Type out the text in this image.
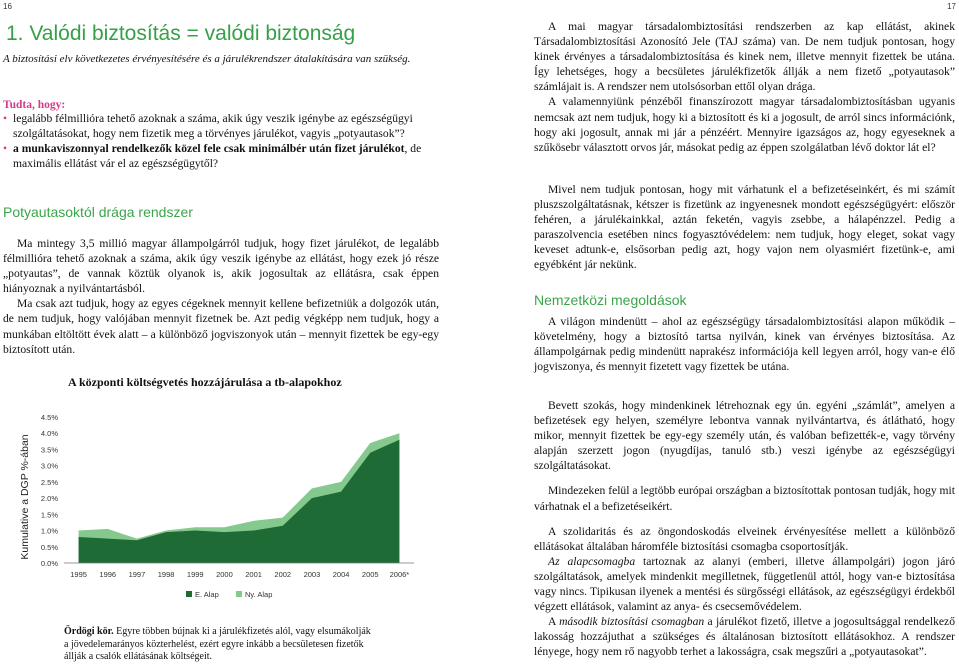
16	17
1. Valódi biztosítás = valódi biztonság
A biztosítási elv következetes érvényesítésére és a járulékrendszer átalakítására van szükség.
Tudta, hogy:

• legalább félmillióra tehető azoknak a száma, akik úgy veszik igénybe az egészségügyi szolgáltatásokat, hogy nem fizetik meg a törvényes járulékot, vagyis „potyautasok”?

• a munkaviszonnyal rendelkezők közel fele csak minimálbér után fizet járulékot, de maximális ellátást vár el az egészségügytől?

Potyautasoktól drága rendszer

Ma mintegy 3,5 millió magyar állampolgárról tudjuk, hogy fizet járulékot, de legalább félmillióra tehető azoknak a száma, akik úgy veszik igénybe az ellátást, hogy ezek jó része „potyautas”, de vannak köztük olyanok is, akik jogosultak az ellátásra, csak éppen hiányoznak a nyilvántartásból.

Ma csak azt tudjuk, hogy az egyes cégeknek mennyit kellene befizetniük a dolgozók után, de nem tudjuk, hogy valójában mennyit fizetnek be. Azt pedig végképp nem tudjuk, hogy a munkában eltöltött évek alatt – a különböző jogviszonyok után – mennyit fizettek be egy-egy biztosított után.

A központi költségvetés hozzájárulása a tb-alapokhoz
Kumulative a DGP %-ában
0.0%
0.5%
1.0%
1.5%
2.0%
2.5%
3.0%
3.5%
4.0%
4.5%
1995 1996 1997 1998 1999 2000 2001 2002 2003 2004 2005 2006*
E. Alap	Ny. Alap
Ördögi kör. Egyre többen bújnak ki a járulékfizetés alól, vagy elsumákolják a jövedelemarányos közterhelést, ezért egyre inkább a becsületesen fizetők állják a csalók ellátásának költségeit.

A mai magyar társadalombiztosítási rendszerben az kap ellátást, akinek Társadalombiztosítási Azonosító Jele (TAJ száma) van. De nem tudjuk pontosan, hogy kinek érvényes a társadalombiztosítása és kinek nem, illetve mennyit fizettek be utána. Így lehetséges, hogy a becsületes járulékfizetők állják a nem fizető „potyautasok” számlájait is. A rendszer nem utolsósorban ettől olyan drága.

A valamennyiünk pénzéből finanszírozott magyar társadalombiztosításban ugyanis nemcsak azt nem tudjuk, hogy ki a biztosított és ki a jogosult, de arról sincs információnk, hogy aki jogosult, annak mi jár a pénzéért. Mennyire igazságos az, hogy egyeseknek a szűkösebr választott orvos jár, másokat pedig az éppen szolgálatban lévő doktor lát el?

Mivel nem tudjuk pontosan, hogy mit várhatunk el a befizetéseinkért, és mi számít pluszszolgáltatásnak, kétszer is fizetünk az ingyenesnek mondott egészségügyért: először fehéren, a járulékainkkal, aztán feketén, vagyis zsebbe, a hálapénzzel. Pedig a paraszolvencia esetében nincs fogyasztóvédelem: nem tudjuk, hogy eleget, sokat vagy keveset adtunk-e, elsősorban pedig azt, hogy vajon nem olyasmiért fizetünk-e, ami egyébként jár nekünk.

Nemzetközi megoldások

A világon mindenütt – ahol az egészségügy társadalombiztosítási alapon működik – követelmény, hogy a biztosító tartsa nyilván, kinek van érvényes biztosítása. Az állampolgárnak pedig mindenütt naprakész információja kell legyen arról, hogy van-e élő jogviszonya, és mennyit fizetett vagy fizettek be utána.

Bevett szokás, hogy mindenkinek létrehoznak egy ún. egyéni „számlát”, amelyen a befizetések egy helyen, személyre lebontva vannak nyilvántartva, és átlátható, hogy mikor, mennyit fizettek be egy-egy személy után, és valóban befizették-e, vagy törvény alapján szerzett jogon (nyugdíjas, tanuló stb.) veszi igénybe az egészségügyi szolgáltatásokat.

Mindezeken felül a legtöbb európai országban a biztosítottak pontosan tudják, hogy mit várhatnak el a befizetéseikért.

A szolidaritás és az öngondoskodás elveinek érvényesítése mellett a különböző ellátásokat általában háromféle biztosítási csomagba csoportosítják.

Az alapcsomagba tartoznak az alanyi (emberi, illetve állampolgári) jogon járó szolgáltatások, amelyek mindenkit megilletnek, függetlenül attól, hogy van-e biztosítása vagy nincs. Tipikusan ilyenek a mentési és sürgősségi ellátások, az egészségügyi érdekből végzett ellátások, valamint az anya- és csecsemővédelem.

A második biztosítási csomagban a járulékot fizető, illetve a jogosultsággal rendelkező lakosság hozzájuthat a szükséges és általánosan biztosított ellátásokhoz. A rendszer lényege, hogy nem rő nagyobb terhet a lakosságra, csak megszűri a „potyautasokat”.
